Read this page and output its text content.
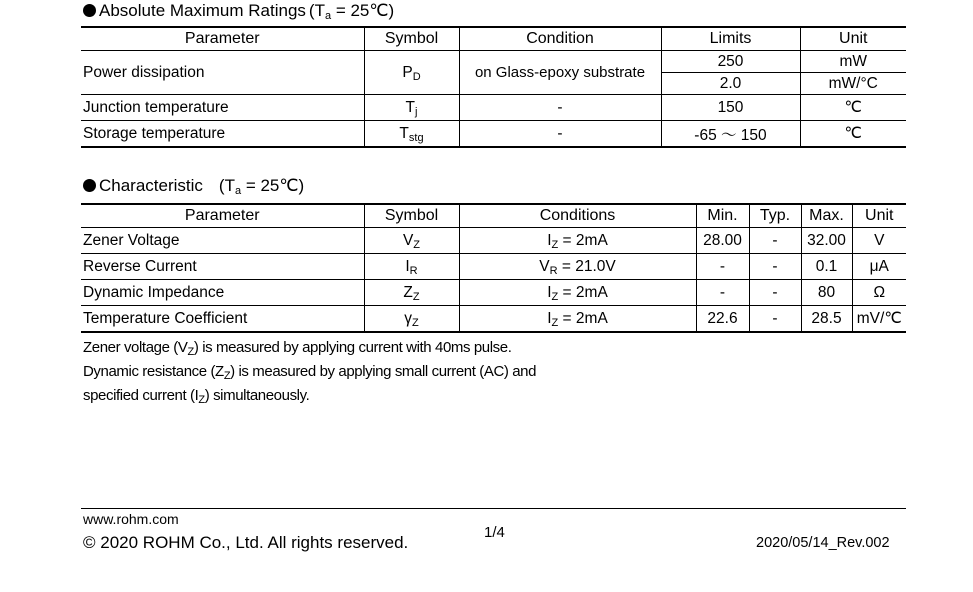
Absolute Maximum Ratings ($T_a$ = 25℃)
Parameter	Symbol	Condition	Limits	Unit
Power dissipation	$P_D$	on Glass-epoxy substrate	250	mW
			2.0	mW/°C
Junction temperature	$T_j$	-	150	℃
Storage temperature	$T_{stg}$	-	-65 ～ 150	℃
Characteristic ($T_a$ = 25℃)
Parameter	Symbol	Conditions	Min.	Typ.	Max.	Unit
Zener Voltage	$V_Z$	$I_Z = 2mA$	28.00	-	32.00	V
Reverse Current	$I_R$	$V_R = 21.0V$	-	-	0.1	μA
Dynamic Impedance	$Z_Z$	$I_Z = 2mA$	-	-	80	Ω
Temperature Coefficient	$\gamma_Z$	$I_Z = 2mA$	22.6	-	28.5	mV/℃
Zener voltage $(V_Z)$ is measured by applying current with 40ms pulse.
Dynamic resistance $(Z_Z)$ is measured by applying small current (AC) and
specified current $(I_Z)$ simultaneously.
www.rohm.com
© 2020 ROHM Co., Ltd. All rights reserved.
1/4
2020/05/14_Rev.002
